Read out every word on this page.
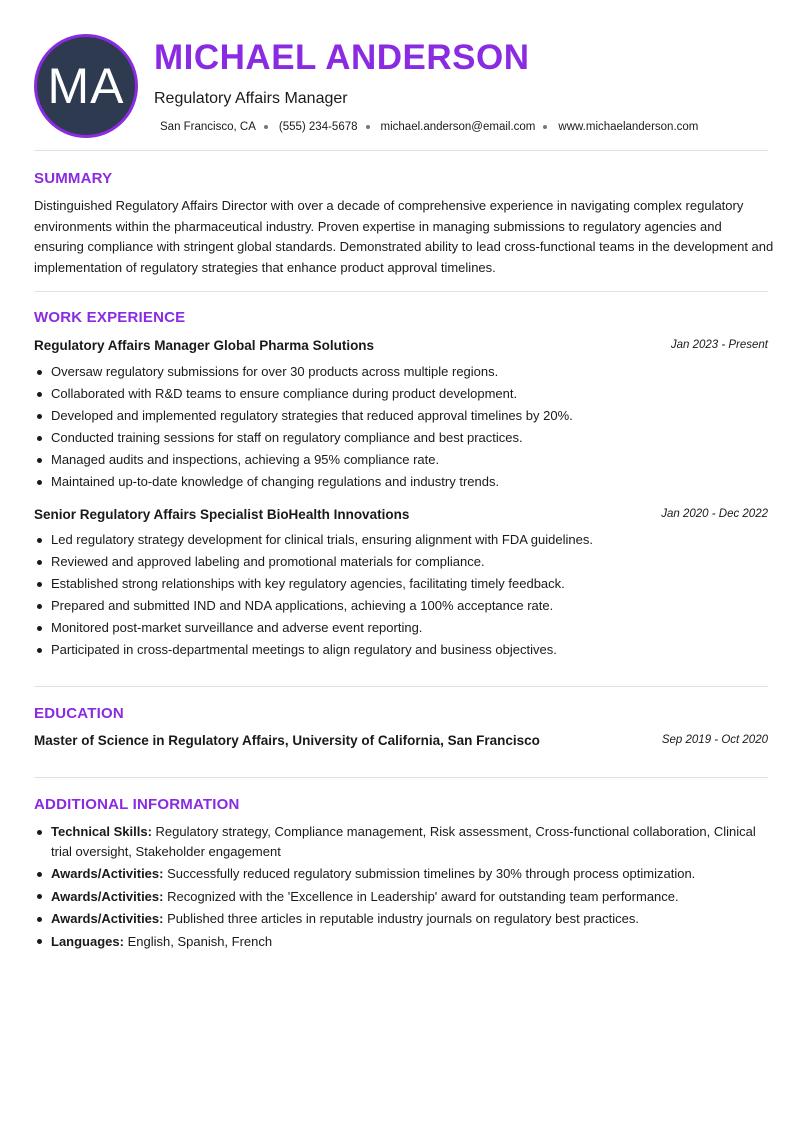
MA
MICHAEL ANDERSON
Regulatory Affairs Manager
San Francisco, CA (555) 234-5678 michael.anderson@email.com www.michaelanderson.com
SUMMARY
Distinguished Regulatory Affairs Director with over a decade of comprehensive experience in navigating complex regulatory environments within the pharmaceutical industry. Proven expertise in managing submissions to regulatory agencies and ensuring compliance with stringent global standards. Demonstrated ability to lead cross-functional teams in the development and implementation of regulatory strategies that enhance product approval timelines.
WORK EXPERIENCE
Regulatory Affairs Manager Global Pharma Solutions	Jan 2023 - Present
Oversaw regulatory submissions for over 30 products across multiple regions.
Collaborated with R&D teams to ensure compliance during product development.
Developed and implemented regulatory strategies that reduced approval timelines by 20%.
Conducted training sessions for staff on regulatory compliance and best practices.
Managed audits and inspections, achieving a 95% compliance rate.
Maintained up-to-date knowledge of changing regulations and industry trends.
Senior Regulatory Affairs Specialist BioHealth Innovations	Jan 2020 - Dec 2022
Led regulatory strategy development for clinical trials, ensuring alignment with FDA guidelines.
Reviewed and approved labeling and promotional materials for compliance.
Established strong relationships with key regulatory agencies, facilitating timely feedback.
Prepared and submitted IND and NDA applications, achieving a 100% acceptance rate.
Monitored post-market surveillance and adverse event reporting.
Participated in cross-departmental meetings to align regulatory and business objectives.
EDUCATION
Master of Science in Regulatory Affairs, University of California, San Francisco	Sep 2019 - Oct 2020
ADDITIONAL INFORMATION
Technical Skills: Regulatory strategy, Compliance management, Risk assessment, Cross-functional collaboration, Clinical trial oversight, Stakeholder engagement
Awards/Activities: Successfully reduced regulatory submission timelines by 30% through process optimization.
Awards/Activities: Recognized with the 'Excellence in Leadership' award for outstanding team performance.
Awards/Activities: Published three articles in reputable industry journals on regulatory best practices.
Languages: English, Spanish, French
